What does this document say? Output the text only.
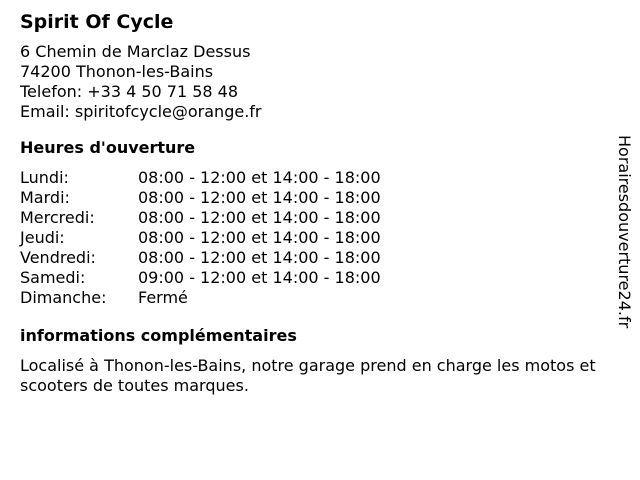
Spirit Of Cycle
6 Chemin de Marclaz Dessus
74200 Thonon-les-Bains
Telefon: +33 4 50 71 58 48
Email: spiritofcycle@orange.fr
Heures d'ouverture
Lundi:	08:00 - 12:00 et 14:00 - 18:00
Mardi:	08:00 - 12:00 et 14:00 - 18:00
Mercredi:	08:00 - 12:00 et 14:00 - 18:00
Jeudi:	08:00 - 12:00 et 14:00 - 18:00
Vendredi:	08:00 - 12:00 et 14:00 - 18:00
Samedi:	09:00 - 12:00 et 14:00 - 18:00
Dimanche: Fermé
informations complémentaires
Localisé à Thonon-les-Bains, notre garage prend en charge les motos et scooters de toutes marques.
Horairesdouverture24.fr
